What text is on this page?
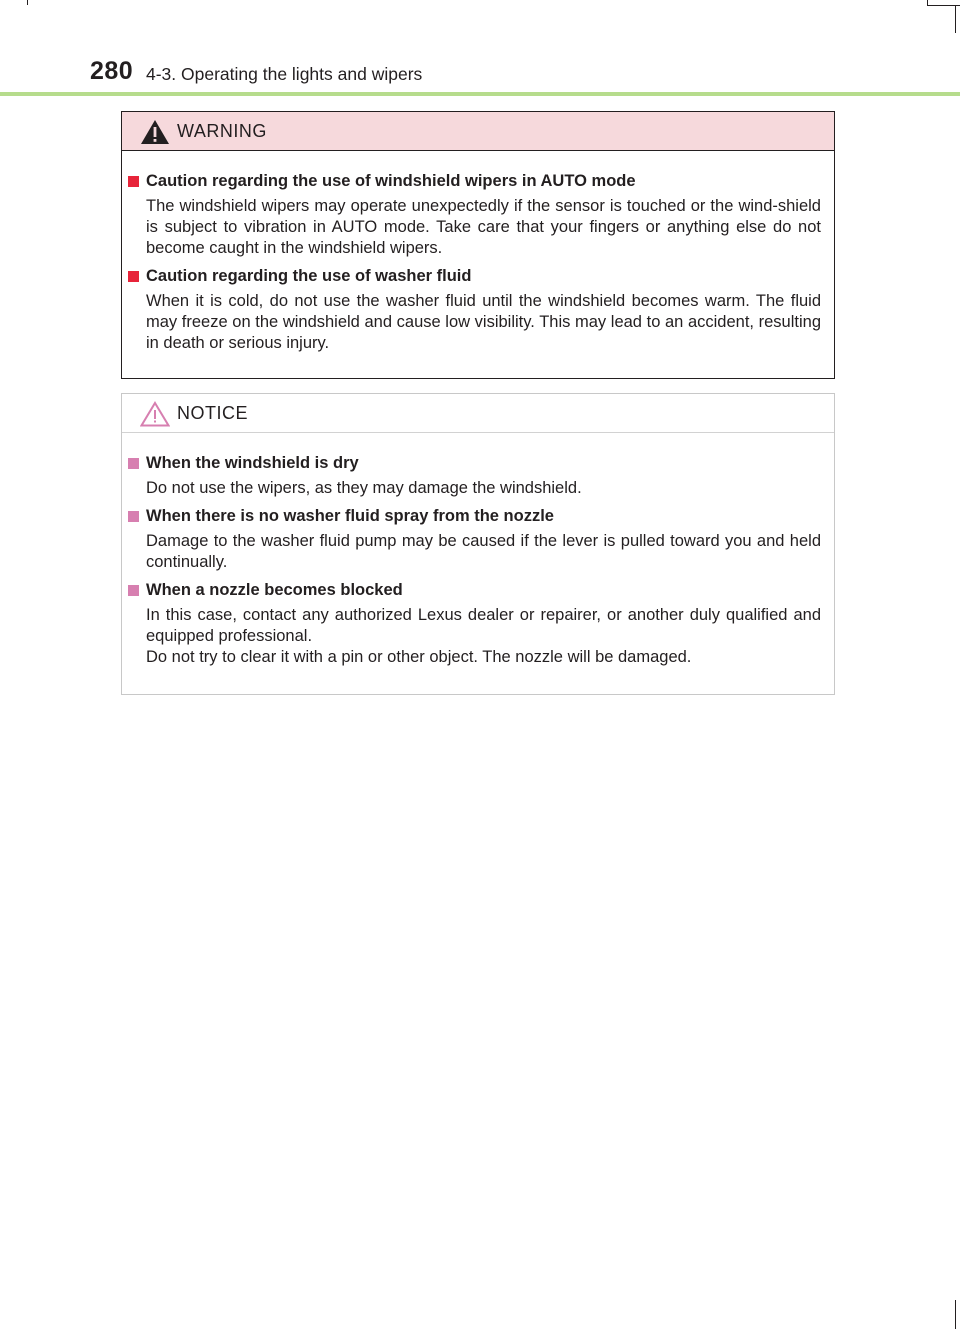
280 4-3. Operating the lights and wipers
WARNING
Caution regarding the use of windshield wipers in AUTO mode

The windshield wipers may operate unexpectedly if the sensor is touched or the wind-shield is subject to vibration in AUTO mode. Take care that your fingers or anything else do not become caught in the windshield wipers.

Caution regarding the use of washer fluid

When it is cold, do not use the washer fluid until the windshield becomes warm. The fluid may freeze on the windshield and cause low visibility. This may lead to an accident, resulting in death or serious injury.

NOTICE
When the windshield is dry

Do not use the wipers, as they may damage the windshield.

When there is no washer fluid spray from the nozzle

Damage to the washer fluid pump may be caused if the lever is pulled toward you and held continually.

When a nozzle becomes blocked

In this case, contact any authorized Lexus dealer or repairer, or another duly qualified and equipped professional.

Do not try to clear it with a pin or other object. The nozzle will be damaged.
